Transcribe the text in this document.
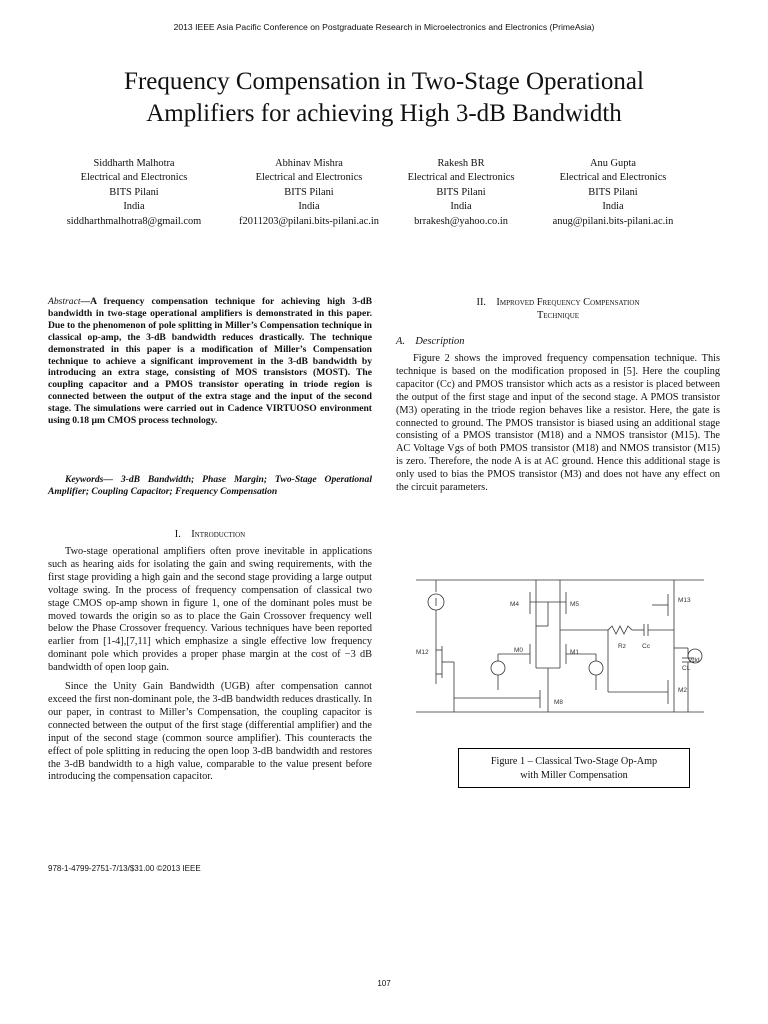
2013 IEEE Asia Pacific Conference on Postgraduate Research in Microelectronics and Electronics (PrimeAsia)
Frequency Compensation in Two-Stage Operational
Amplifiers for achieving High 3-dB Bandwidth
Siddharth Malhotra
Electrical and Electronics
BITS Pilani
India
siddharthmalhotra8@gmail.com
Abhinav Mishra
Electrical and Electronics
BITS Pilani
India
f2011203@pilani.bits-pilani.ac.in
Rakesh BR
Electrical and Electronics
BITS Pilani
India
brrakesh@yahoo.co.in
Anu Gupta
Electrical and Electronics
BITS Pilani
India
anug@pilani.bits-pilani.ac.in
Abstract—A frequency compensation technique for achieving high 3-dB bandwidth in two-stage operational amplifiers is demonstrated in this paper. Due to the phenomenon of pole splitting in Miller’s Compensation technique in classical op-amp, the 3-dB bandwidth reduces drastically. The technique demonstrated in this paper is a modification of Miller’s Compensation technique to achieve a significant improvement in the 3-dB bandwidth by introducing an extra stage, consisting of MOS transistors (MOST). The coupling capacitor and a PMOS transistor operating in triode region is connected between the output of the extra stage and the input of the second stage. The simulations were carried out in Cadence VIRTUOSO environment using 0.18 µm CMOS process technology.
Keywords— 3-dB Bandwidth; Phase Margin; Two-Stage Operational Amplifier; Coupling Capacitor; Frequency Compensation
I. Introduction

Two-stage operational amplifiers often prove inevitable in applications such as hearing aids for isolating the gain and swing requirements, with the first stage providing a high gain and the second stage providing a large output voltage swing. In the process of frequency compensation of classical two stage CMOS op-amp shown in figure 1, one of the dominant poles must be moved towards the origin so as to place the Gain Crossover frequency well below the Phase Crossover frequency. Various techniques have been reported earlier from [1-4],[7,11] which emphasize a single effective low frequency dominant pole which provides a proper phase margin at the cost of −3 dB bandwidth of open loop gain.

Since the Unity Gain Bandwidth (UGB) after compensation cannot exceed the first non-dominant pole, the 3-dB bandwidth reduces drastically. In our paper, in contrast to Miller’s Compensation, the coupling capacitor is connected between the output of the first stage (differential amplifier) and the input of the second stage (common source amplifier). This counteracts the effect of pole splitting in reducing the open loop 3-dB bandwidth and restores the 3-dB bandwidth to a high value, comparable to the value present before introducing the compensation capacitor.

II. Improved Frequency Compensation
Technique
A. Description

Figure 2 shows the improved frequency compensation technique. This technique is based on the modification proposed in [5]. Here the coupling capacitor (Cc) and PMOS transistor which acts as a resistor is placed between the output of the first stage and input of the second stage. A PMOS transistor (M3) operating in the triode region behaves like a resistor. Here, the gate is connected to ground. The PMOS transistor is biased using an additional stage consisting of a PMOS transistor (M18) and a NMOS transistor (M15). The AC Voltage Vgs of both PMOS transistor (M18) and NMOS transistor (M15) is zero. Therefore, the node A is at AC ground. Hence this additional stage is only used to bias the PMOS transistor (M3) and does not have any effect on the circuit parameters.

M4	M5
M13
M12	M0	M1
Rz Cc
CL
Vdd
M2
M8
Figure 1 – Classical Two-Stage Op-Amp
with Miller Compensation
978-1-4799-2751-7/13/$31.00 ©2013 IEEE
107
